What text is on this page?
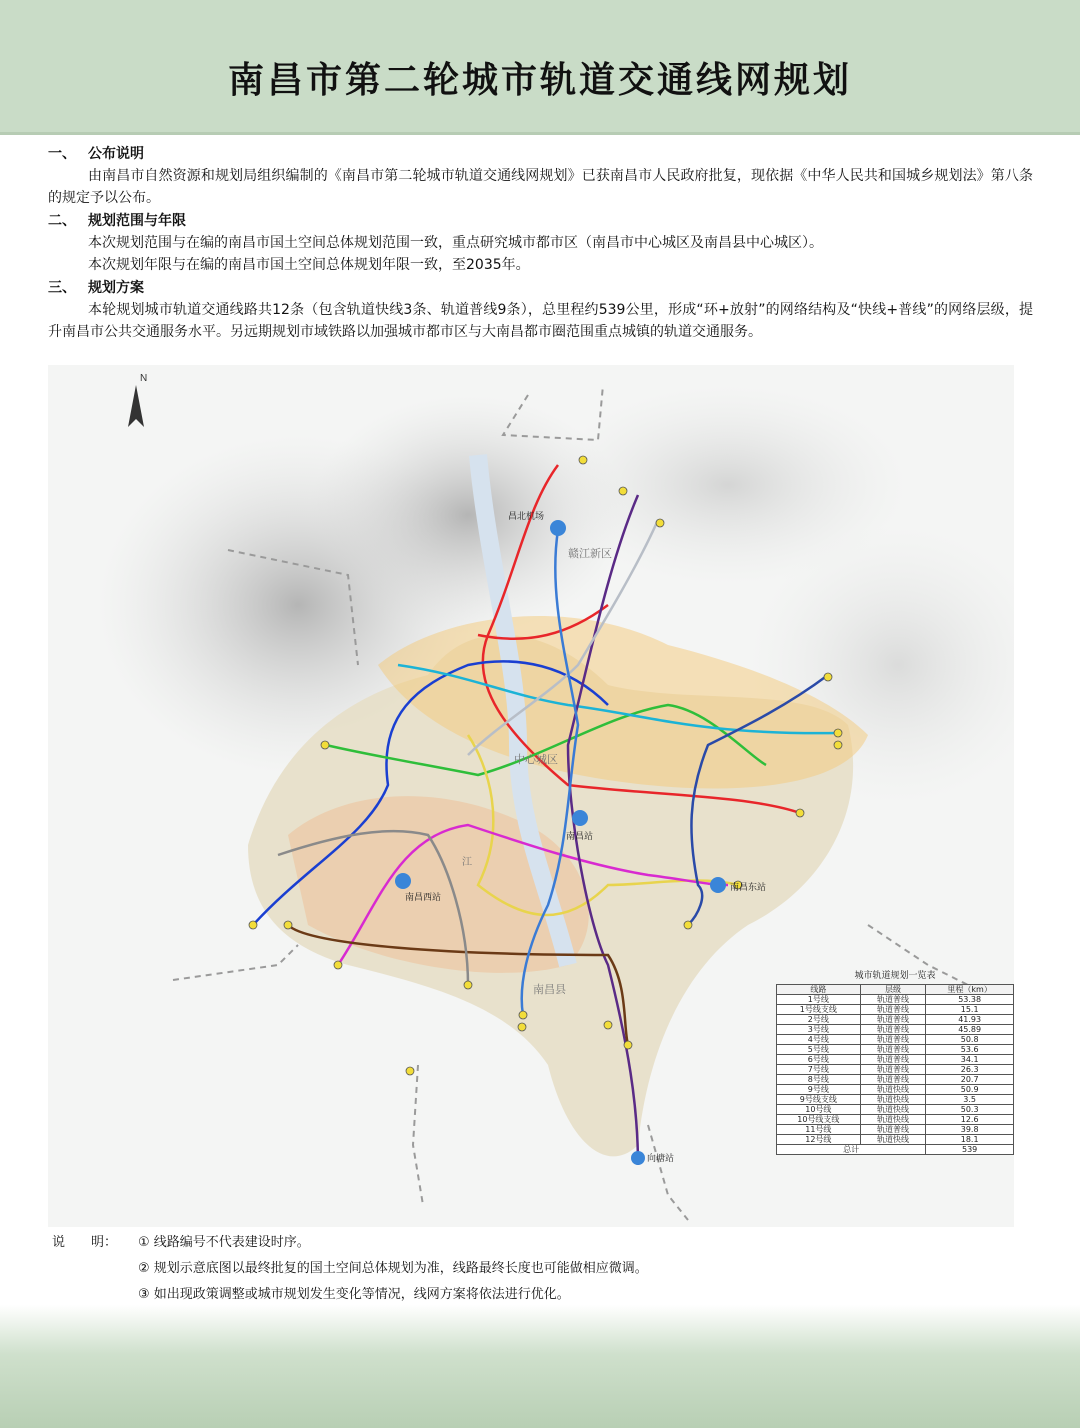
南昌市第二轮城市轨道交通线网规划
一、 公布说明
由南昌市自然资源和规划局组织编制的《南昌市第二轮城市轨道交通线网规划》已获南昌市人民政府批复，现依据《中华人民共和国城乡规划法》第八条的规定予以公布。
二、 规划范围与年限
本次规划范围与在编的南昌市国土空间总体规划范围一致，重点研究城市都市区（南昌市中心城区及南昌县中心城区）。
本次规划年限与在编的南昌市国土空间总体规划年限一致，至2035年。
三、 规划方案
本轮规划城市轨道交通线路共12条（包含轨道快线3条、轨道普线9条），总里程约539公里，形成“环+放射”的网络结构及“快线+普线”的网络层级，提升南昌市公共交通服务水平。另远期规划市域铁路以加强城市都市区与大南昌都市圈范围重点城镇的轨道交通服务。
N
昌北机场
南昌站
南昌西站
南昌东站
向塘站
赣江新区
中心城区
南昌县
江
城市轨道规划一览表
线路	层级	里程（km）
1号线	轨道普线	53.38
1号线支线	轨道普线	15.1
2号线	轨道普线	41.93
3号线	轨道普线	45.89
4号线	轨道普线	50.8
5号线	轨道普线	53.6
6号线	轨道普线	34.1
7号线	轨道普线	26.3
8号线	轨道普线	20.7
9号线	轨道快线	50.9
9号线支线	轨道快线	3.5
10号线	轨道快线	50.3
10号线支线	轨道快线	12.6
11号线	轨道普线	39.8
12号线	轨道快线	18.1
总计		539
说　　明： ① 线路编号不代表建设时序。
② 规划示意底图以最终批复的国土空间总体规划为准，线路最终长度也可能做相应微调。
③ 如出现政策调整或城市规划发生变化等情况，线网方案将依法进行优化。
